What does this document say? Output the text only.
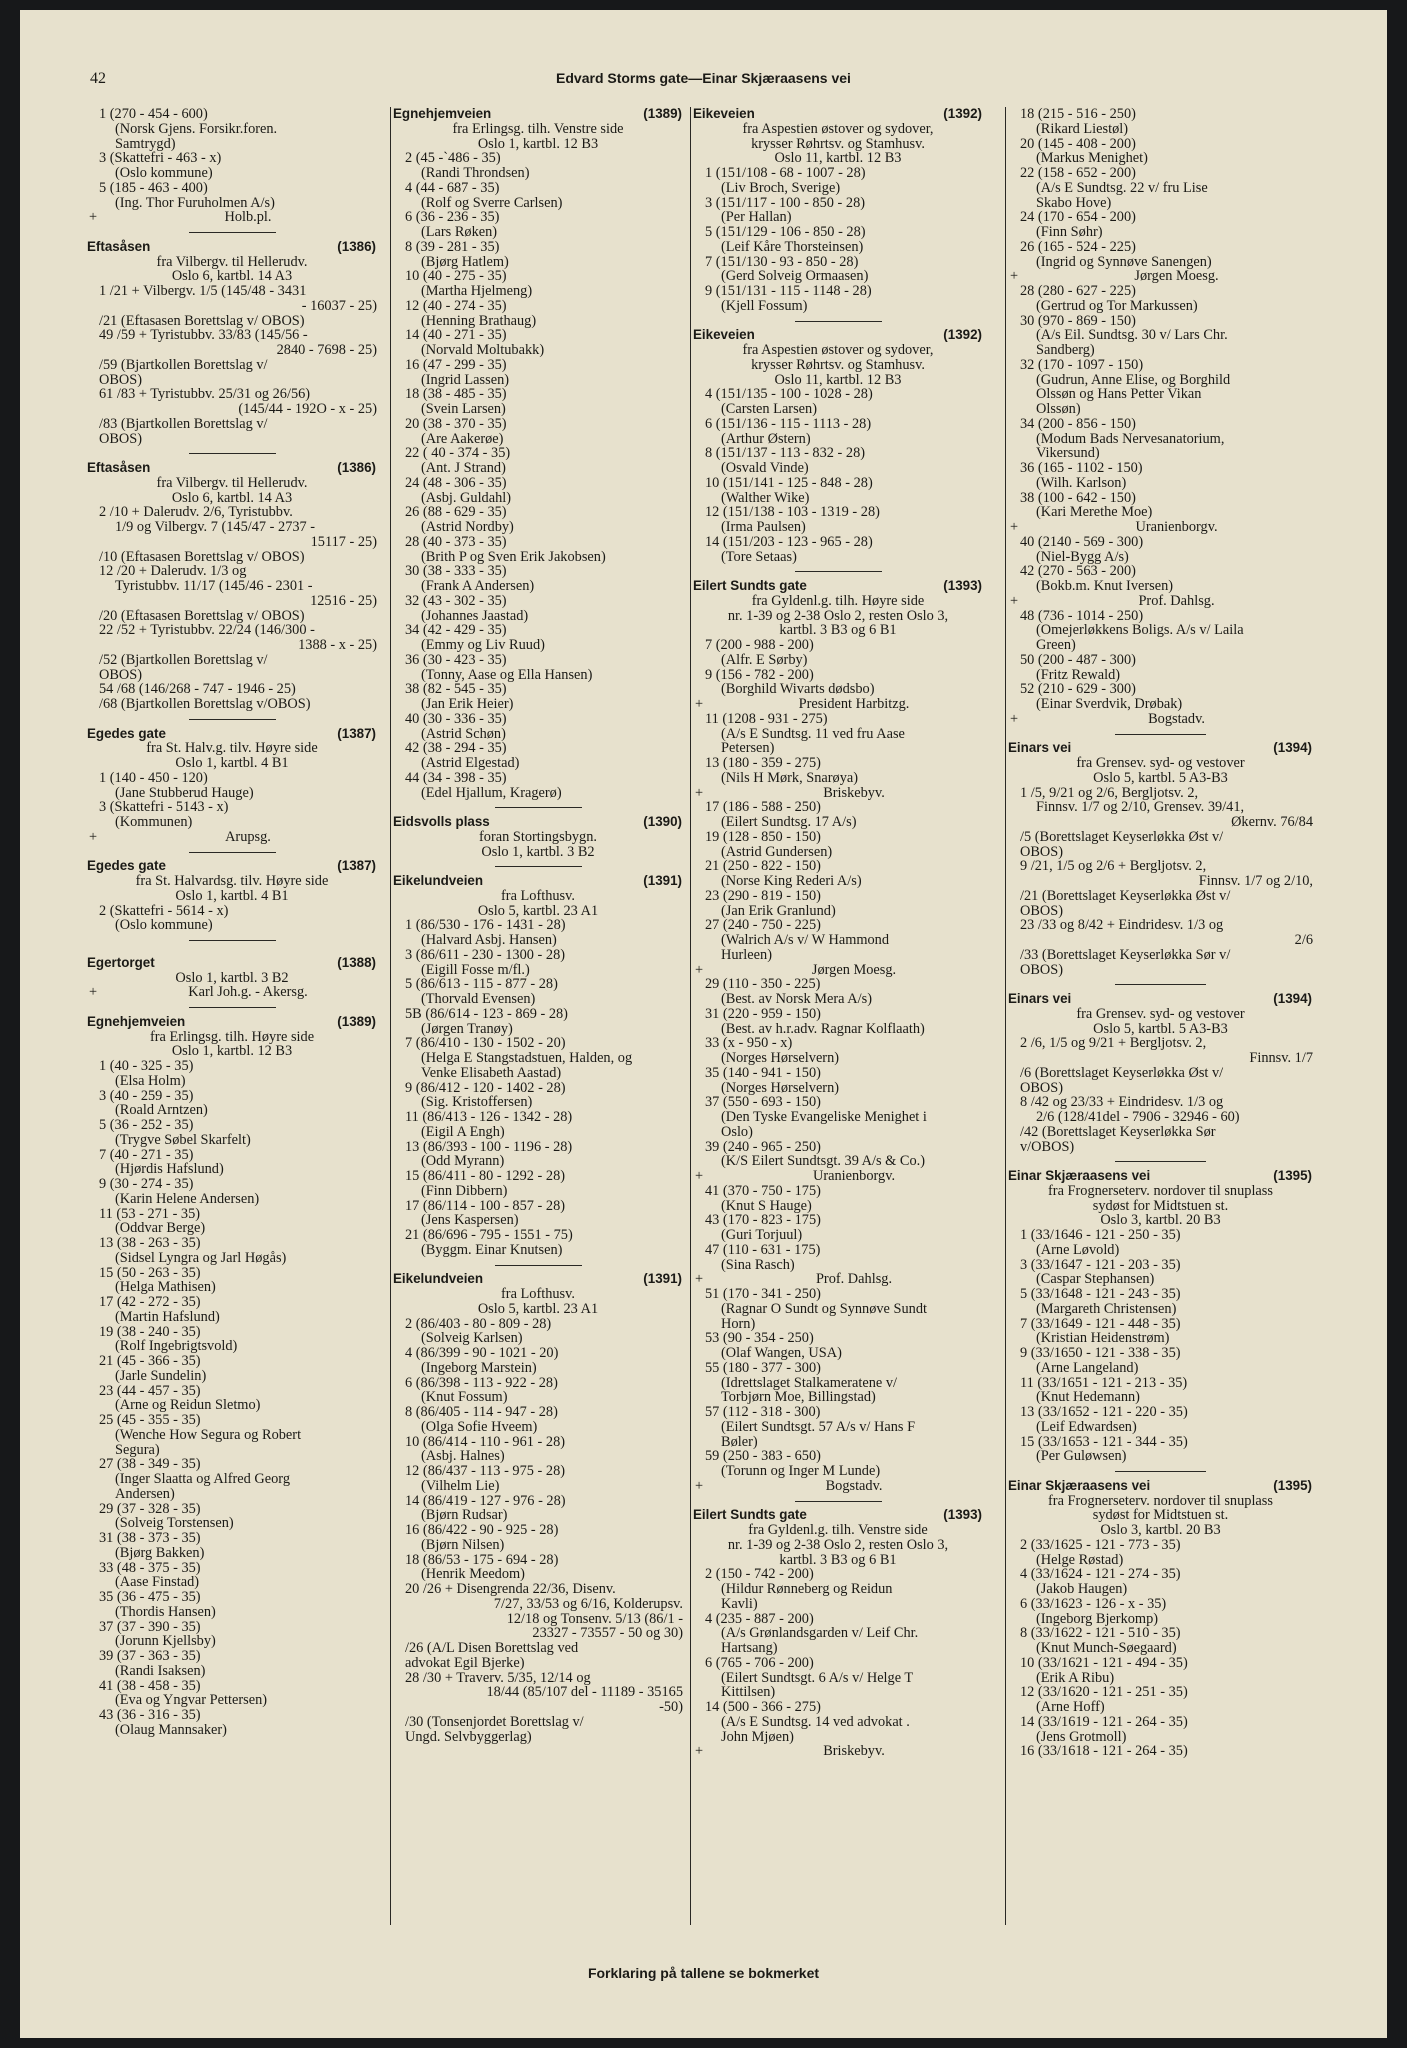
42	Edvard Storms gate—Einar Skjæraasens vei
1 (270 - 454 - 600)
(Norsk Gjens. Forsikr.foren.
Samtrygd)
3 (Skattefri - 463 - x)
(Oslo kommune)
5 (185 - 463 - 400)
(Ing. Thor Furuholmen A/s)
+	Holb.pl.
Eftasåsen	(1386)
fra Vilbergv. til Hellerudv.
Oslo 6, kartbl. 14 A3
1 /21 + Vilbergv. 1/5 (145/48 - 3431
- 16037 - 25)
/21 (Eftasasen Borettslag v/ OBOS)
49 /59 + Tyristubbv. 33/83 (145/56 -
2840 - 7698 - 25)
/59 (Bjartkollen Borettslag v/
OBOS)
61 /83 + Tyristubbv. 25/31 og 26/56)
(145/44 - 192O - x - 25)
/83 (Bjartkollen Borettslag v/
OBOS)
Eftasåsen	(1386)
fra Vilbergv. til Hellerudv.
Oslo 6, kartbl. 14 A3
2 /10 + Dalerudv. 2/6, Tyristubbv.
1/9 og Vilbergv. 7 (145/47 - 2737 -
15117 - 25)
/10 (Eftasasen Borettslag v/ OBOS)
12 /20 + Dalerudv. 1/3 og
Tyristubbv. 11/17 (145/46 - 2301 -
12516 - 25)
/20 (Eftasasen Borettslag v/ OBOS)
22 /52 + Tyristubbv. 22/24 (146/300 -
1388 - x - 25)
/52 (Bjartkollen Borettslag v/
OBOS)
54 /68 (146/268 - 747 - 1946 - 25)
/68 (Bjartkollen Borettslag v/OBOS)
Egedes gate	(1387)
fra St. Halv.g. tilv. Høyre side
Oslo 1, kartbl. 4 B1
1 (140 - 450 - 120)
(Jane Stubberud Hauge)
3 (Skattefri - 5143 - x)
(Kommunen)
+	Arupsg.
Egedes gate	(1387)
fra St. Halvardsg. tilv. Høyre side
Oslo 1, kartbl. 4 B1
2 (Skattefri - 5614 - x)
(Oslo kommune)
Egertorget	(1388)
Oslo 1, kartbl. 3 B2
+	Karl Joh.g. - Akersg.
Egnehjemveien	(1389)
fra Erlingsg. tilh. Høyre side
Oslo 1, kartbl. 12 B3
1 (40 - 325 - 35)
(Elsa Holm)
3 (40 - 259 - 35)
(Roald Arntzen)
5 (36 - 252 - 35)
(Trygve Søbel Skarfelt)
7 (40 - 271 - 35)
(Hjørdis Hafslund)
9 (30 - 274 - 35)
(Karin Helene Andersen)
11 (53 - 271 - 35)
(Oddvar Berge)
13 (38 - 263 - 35)
(Sidsel Lyngra og Jarl Høgås)
15 (50 - 263 - 35)
(Helga Mathisen)
17 (42 - 272 - 35)
(Martin Hafslund)
19 (38 - 240 - 35)
(Rolf Ingebrigtsvold)
21 (45 - 366 - 35)
(Jarle Sundelin)
23 (44 - 457 - 35)
(Arne og Reidun Sletmo)
25 (45 - 355 - 35)
(Wenche How Segura og Robert
Segura)
27 (38 - 349 - 35)
(Inger Slaatta og Alfred Georg
Andersen)
29 (37 - 328 - 35)
(Solveig Torstensen)
31 (38 - 373 - 35)
(Bjørg Bakken)
33 (48 - 375 - 35)
(Aase Finstad)
35 (36 - 475 - 35)
(Thordis Hansen)
37 (37 - 390 - 35)
(Jorunn Kjellsby)
39 (37 - 363 - 35)
(Randi Isaksen)
41 (38 - 458 - 35)
(Eva og Yngvar Pettersen)
43 (36 - 316 - 35)
(Olaug Mannsaker)
Egnehjemveien	(1389)
fra Erlingsg. tilh. Venstre side
Oslo 1, kartbl. 12 B3
2 (45 -`486 - 35)
(Randi Throndsen)
4 (44 - 687 - 35)
(Rolf og Sverre Carlsen)
6 (36 - 236 - 35)
(Lars Røken)
8 (39 - 281 - 35)
(Bjørg Hatlem)
10 (40 - 275 - 35)
(Martha Hjelmeng)
12 (40 - 274 - 35)
(Henning Brathaug)
14 (40 - 271 - 35)
(Norvald Moltubakk)
16 (47 - 299 - 35)
(Ingrid Lassen)
18 (38 - 485 - 35)
(Svein Larsen)
20 (38 - 370 - 35)
(Are Aakerøe)
22 ( 40 - 374 - 35)
(Ant. J Strand)
24 (48 - 306 - 35)
(Asbj. Guldahl)
26 (88 - 629 - 35)
(Astrid Nordby)
28 (40 - 373 - 35)
(Brith P og Sven Erik Jakobsen)
30 (38 - 333 - 35)
(Frank A Andersen)
32 (43 - 302 - 35)
(Johannes Jaastad)
34 (42 - 429 - 35)
(Emmy og Liv Ruud)
36 (30 - 423 - 35)
(Tonny, Aase og Ella Hansen)
38 (82 - 545 - 35)
(Jan Erik Heier)
40 (30 - 336 - 35)
(Astrid Schøn)
42 (38 - 294 - 35)
(Astrid Elgestad)
44 (34 - 398 - 35)
(Edel Hjallum, Kragerø)
Eidsvolls plass	(1390)
foran Stortingsbygn.
Oslo 1, kartbl. 3 B2
Eikelundveien	(1391)
fra Lofthusv.
Oslo 5, kartbl. 23 A1
1 (86/530 - 176 - 1431 - 28)
(Halvard Asbj. Hansen)
3 (86/611 - 230 - 1300 - 28)
(Eigill Fosse m/fl.)
5 (86/613 - 115 - 877 - 28)
(Thorvald Evensen)
5B (86/614 - 123 - 869 - 28)
(Jørgen Tranøy)
7 (86/410 - 130 - 1502 - 20)
(Helga E Stangstadstuen, Halden, og
Venke Elisabeth Aastad)
9 (86/412 - 120 - 1402 - 28)
(Sig. Kristoffersen)
11 (86/413 - 126 - 1342 - 28)
(Eigil A Engh)
13 (86/393 - 100 - 1196 - 28)
(Odd Myrann)
15 (86/411 - 80 - 1292 - 28)
(Finn Dibbern)
17 (86/114 - 100 - 857 - 28)
(Jens Kaspersen)
21 (86/696 - 795 - 1551 - 75)
(Byggm. Einar Knutsen)
Eikelundveien	(1391)
fra Lofthusv.
Oslo 5, kartbl. 23 A1
2 (86/403 - 80 - 809 - 28)
(Solveig Karlsen)
4 (86/399 - 90 - 1021 - 20)
(Ingeborg Marstein)
6 (86/398 - 113 - 922 - 28)
(Knut Fossum)
8 (86/405 - 114 - 947 - 28)
(Olga Sofie Hveem)
10 (86/414 - 110 - 961 - 28)
(Asbj. Halnes)
12 (86/437 - 113 - 975 - 28)
(Vilhelm Lie)
14 (86/419 - 127 - 976 - 28)
(Bjørn Rudsar)
16 (86/422 - 90 - 925 - 28)
(Bjørn Nilsen)
18 (86/53 - 175 - 694 - 28)
(Henrik Meedom)
20 /26 + Disengrenda 22/36, Disenv.
7/27, 33/53 og 6/16, Kolderupsv.
12/18 og Tonsenv. 5/13 (86/1 -
23327 - 73557 - 50 og 30)
/26 (A/L Disen Borettslag ved
advokat Egil Bjerke)
28 /30 + Traverv. 5/35, 12/14 og
18/44 (85/107 del - 11189 - 35165
-50)
/30 (Tonsenjordet Borettslag v/
Ungd. Selvbyggerlag)
Eikeveien	(1392)
fra Aspestien østover og sydover,
krysser Røhrtsv. og Stamhusv.
Oslo 11, kartbl. 12 B3
1 (151/108 - 68 - 1007 - 28)
(Liv Broch, Sverige)
3 (151/117 - 100 - 850 - 28)
(Per Hallan)
5 (151/129 - 106 - 850 - 28)
(Leif Kåre Thorsteinsen)
7 (151/130 - 93 - 850 - 28)
(Gerd Solveig Ormaasen)
9 (151/131 - 115 - 1148 - 28)
(Kjell Fossum)
Eikeveien	(1392)
fra Aspestien østover og sydover,
krysser Røhrtsv. og Stamhusv.
Oslo 11, kartbl. 12 B3
4 (151/135 - 100 - 1028 - 28)
(Carsten Larsen)
6 (151/136 - 115 - 1113 - 28)
(Arthur Østern)
8 (151/137 - 113 - 832 - 28)
(Osvald Vinde)
10 (151/141 - 125 - 848 - 28)
(Walther Wike)
12 (151/138 - 103 - 1319 - 28)
(Irma Paulsen)
14 (151/203 - 123 - 965 - 28)
(Tore Setaas)
Eilert Sundts gate	(1393)
fra Gyldenl.g. tilh. Høyre side
nr. 1-39 og 2-38 Oslo 2, resten Oslo 3,
kartbl. 3 B3 og 6 B1
7 (200 - 988 - 200)
(Alfr. E Sørby)
9 (156 - 782 - 200)
(Borghild Wivarts dødsbo)
+	President Harbitzg.
11 (1208 - 931 - 275)
(A/s E Sundtsg. 11 ved fru Aase
Petersen)
13 (180 - 359 - 275)
(Nils H Mørk, Snarøya)
+	Briskebyv.
17 (186 - 588 - 250)
(Eilert Sundtsg. 17 A/s)
19 (128 - 850 - 150)
(Astrid Gundersen)
21 (250 - 822 - 150)
(Norse King Rederi A/s)
23 (290 - 819 - 150)
(Jan Erik Granlund)
27 (240 - 750 - 225)
(Walrich A/s v/ W Hammond
Hurleen)
+	Jørgen Moesg.
29 (110 - 350 - 225)
(Best. av Norsk Mera A/s)
31 (220 - 959 - 150)
(Best. av h.r.adv. Ragnar Kolflaath)
33 (x - 950 - x)
(Norges Hørselvern)
35 (140 - 941 - 150)
(Norges Hørselvern)
37 (550 - 693 - 150)
(Den Tyske Evangeliske Menighet i
Oslo)
39 (240 - 965 - 250)
(K/S Eilert Sundtsgt. 39 A/s & Co.)
+	Uranienborgv.
41 (370 - 750 - 175)
(Knut S Hauge)
43 (170 - 823 - 175)
(Guri Torjuul)
47 (110 - 631 - 175)
(Sina Rasch)
+	Prof. Dahlsg.
51 (170 - 341 - 250)
(Ragnar O Sundt og Synnøve Sundt
Horn)
53 (90 - 354 - 250)
(Olaf Wangen, USA)
55 (180 - 377 - 300)
(Idrettslaget Stalkameratene v/
Torbjørn Moe, Billingstad)
57 (112 - 318 - 300)
(Eilert Sundtsgt. 57 A/s v/ Hans F
Bøler)
59 (250 - 383 - 650)
(Torunn og Inger M Lunde)
+	Bogstadv.
Eilert Sundts gate	(1393)
fra Gyldenl.g. tilh. Venstre side
nr. 1-39 og 2-38 Oslo 2, resten Oslo 3,
kartbl. 3 B3 og 6 B1
2 (150 - 742 - 200)
(Hildur Rønneberg og Reidun
Kavli)
4 (235 - 887 - 200)
(A/s Grønlandsgarden v/ Leif Chr.
Hartsang)
6 (765 - 706 - 200)
(Eilert Sundtsgt. 6 A/s v/ Helge T
Kittilsen)
14 (500 - 366 - 275)
(A/s E Sundtsg. 14 ved advokat .
John Mjøen)
+	Briskebyv.
18 (215 - 516 - 250)
(Rikard Liestøl)
20 (145 - 408 - 200)
(Markus Menighet)
22 (158 - 652 - 200)
(A/s E Sundtsg. 22 v/ fru Lise
Skabo Hove)
24 (170 - 654 - 200)
(Finn Søhr)
26 (165 - 524 - 225)
(Ingrid og Synnøve Sanengen)
+	Jørgen Moesg.
28 (280 - 627 - 225)
(Gertrud og Tor Markussen)
30 (970 - 869 - 150)
(A/s Eil. Sundtsg. 30 v/ Lars Chr.
Sandberg)
32 (170 - 1097 - 150)
(Gudrun, Anne Elise, og Borghild
Olssøn og Hans Petter Vikan
Olssøn)
34 (200 - 856 - 150)
(Modum Bads Nervesanatorium,
Vikersund)
36 (165 - 1102 - 150)
(Wilh. Karlson)
38 (100 - 642 - 150)
(Kari Merethe Moe)
+	Uranienborgv.
40 (2140 - 569 - 300)
(Niel-Bygg A/s)
42 (270 - 563 - 200)
(Bokb.m. Knut Iversen)
+	Prof. Dahlsg.
48 (736 - 1014 - 250)
(Omejerløkkens Boligs. A/s v/ Laila
Green)
50 (200 - 487 - 300)
(Fritz Rewald)
52 (210 - 629 - 300)
(Einar Sverdvik, Drøbak)
+	Bogstadv.
Einars vei	(1394)
fra Grensev. syd- og vestover
Oslo 5, kartbl. 5 A3-B3
1 /5, 9/21 og 2/6, Bergljotsv. 2,
Finnsv. 1/7 og 2/10, Grensev. 39/41,
Økernv. 76/84
/5 (Borettslaget Keyserløkka Øst v/
OBOS)
9 /21, 1/5 og 2/6 + Bergljotsv. 2,
Finnsv. 1/7 og 2/10,
/21 (Borettslaget Keyserløkka Øst v/
OBOS)
23 /33 og 8/42 + Eindridesv. 1/3 og
2/6
/33 (Borettslaget Keyserløkka Sør v/
OBOS)
Einars vei	(1394)
fra Grensev. syd- og vestover
Oslo 5, kartbl. 5 A3-B3
2 /6, 1/5 og 9/21 + Bergljotsv. 2,
Finnsv. 1/7
/6 (Borettslaget Keyserløkka Øst v/
OBOS)
8 /42 og 23/33 + Eindridesv. 1/3 og
2/6 (128/41del - 7906 - 32946 - 60)
/42 (Borettslaget Keyserløkka Sør
v/OBOS)
Einar Skjæraasens vei	(1395)
fra Frognerseterv. nordover til snuplass
sydøst for Midtstuen st.
Oslo 3, kartbl. 20 B3
1 (33/1646 - 121 - 250 - 35)
(Arne Løvold)
3 (33/1647 - 121 - 203 - 35)
(Caspar Stephansen)
5 (33/1648 - 121 - 243 - 35)
(Margareth Christensen)
7 (33/1649 - 121 - 448 - 35)
(Kristian Heidenstrøm)
9 (33/1650 - 121 - 338 - 35)
(Arne Langeland)
11 (33/1651 - 121 - 213 - 35)
(Knut Hedemann)
13 (33/1652 - 121 - 220 - 35)
(Leif Edwardsen)
15 (33/1653 - 121 - 344 - 35)
(Per Guløwsen)
Einar Skjæraasens vei	(1395)
fra Frognerseterv. nordover til snuplass
sydøst for Midtstuen st.
Oslo 3, kartbl. 20 B3
2 (33/1625 - 121 - 773 - 35)
(Helge Røstad)
4 (33/1624 - 121 - 274 - 35)
(Jakob Haugen)
6 (33/1623 - 126 - x - 35)
(Ingeborg Bjerkomp)
8 (33/1622 - 121 - 510 - 35)
(Knut Munch-Søegaard)
10 (33/1621 - 121 - 494 - 35)
(Erik A Ribu)
12 (33/1620 - 121 - 251 - 35)
(Arne Hoff)
14 (33/1619 - 121 - 264 - 35)
(Jens Grotmoll)
16 (33/1618 - 121 - 264 - 35)
Forklaring på tallene se bokmerket
